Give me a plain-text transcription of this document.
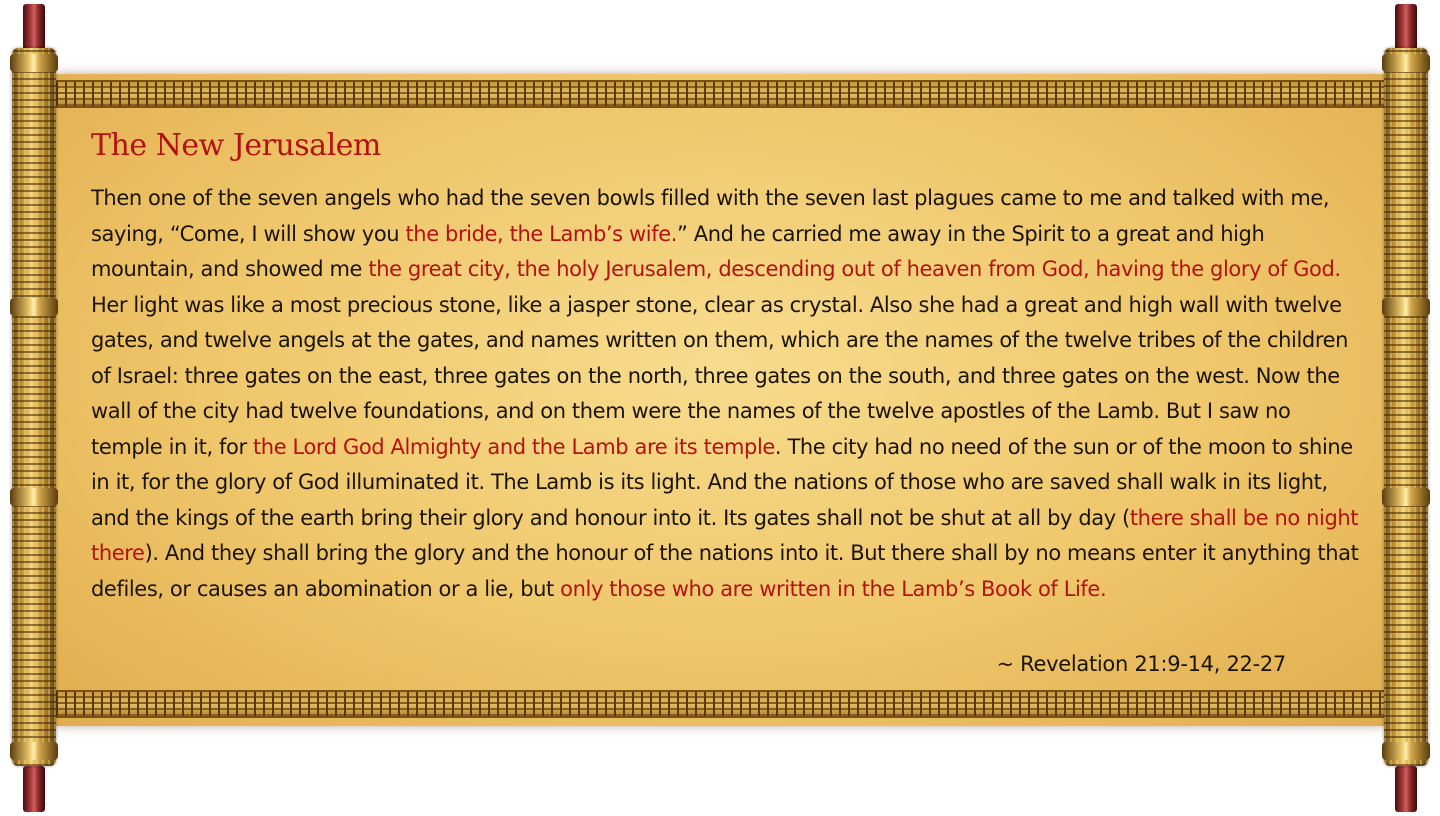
The New Jerusalem

Then one of the seven angels who had the seven bowls filled with the seven last plagues came to me and talked with me, saying, “Come, I will show you the bride, the Lamb’s wife.” And he carried me away in the Spirit to a great and high mountain, and showed me the great city, the holy Jerusalem, descending out of heaven from God, having the glory of God. Her light was like a most precious stone, like a jasper stone, clear as crystal. Also she had a great and high wall with twelve gates, and twelve angels at the gates, and names written on them, which are the names of the twelve tribes of the children of Israel: three gates on the east, three gates on the north, three gates on the south, and three gates on the west. Now the wall of the city had twelve foundations, and on them were the names of the twelve apostles of the Lamb. But I saw no temple in it, for the Lord God Almighty and the Lamb are its temple. The city had no need of the sun or of the moon to shine in it, for the glory of God illuminated it. The Lamb is its light. And the nations of those who are saved shall walk in its light, and the kings of the earth bring their glory and honour into it. Its gates shall not be shut at all by day (there shall be no night there). And they shall bring the glory and the honour of the nations into it. But there shall by no means enter it anything that defiles, or causes an abomination or a lie, but only those who are written in the Lamb’s Book of Life.

~ Revelation 21:9-14, 22-27
